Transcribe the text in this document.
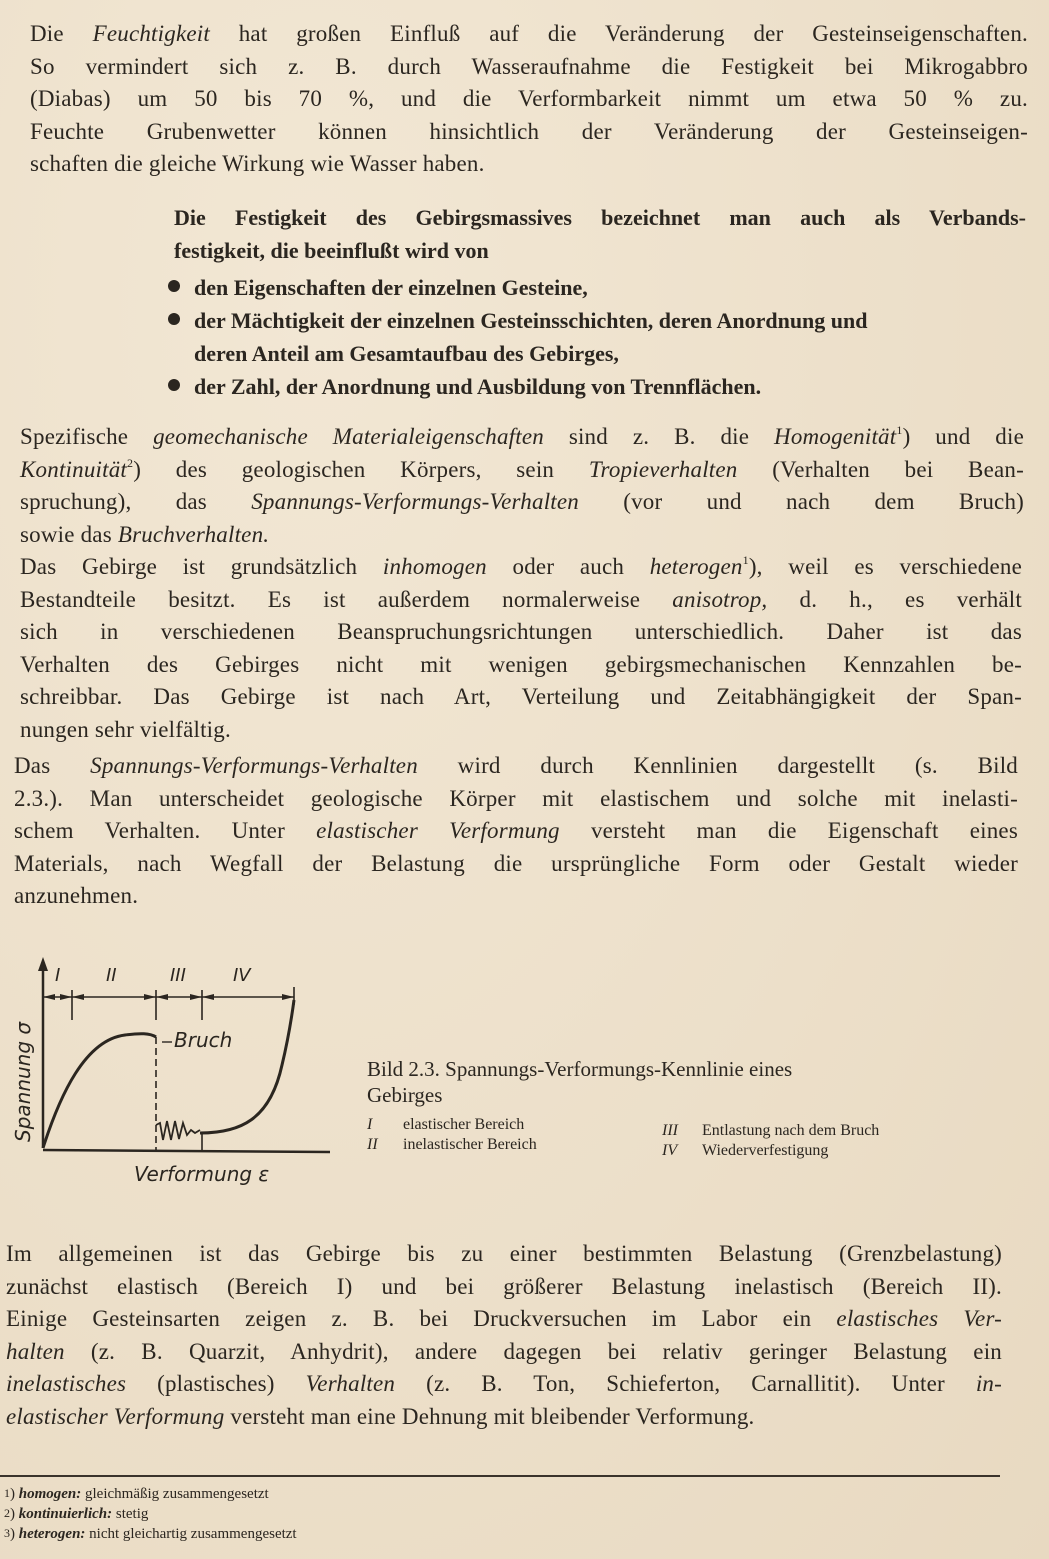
Die Feuchtigkeit hat großen Einfluß auf die Veränderung der Gesteinseigenschaften.
So vermindert sich z. B. durch Wasseraufnahme die Festigkeit bei Mikrogabbro
(Diabas) um 50 bis 70 %, und die Verformbarkeit nimmt um etwa 50 % zu.
Feuchte Grubenwetter können hinsichtlich der Veränderung der Gesteinseigen-
schaften die gleiche Wirkung wie Wasser haben.
Die Festigkeit des Gebirgsmassives bezeichnet man auch als Verbands-
festigkeit, die beeinflußt wird von
den Eigenschaften der einzelnen Gesteine,
der Mächtigkeit der einzelnen Gesteinsschichten, deren Anordnung und
deren Anteil am Gesamtaufbau des Gebirges,
der Zahl, der Anordnung und Ausbildung von Trennflächen.
Spezifische geomechanische Materialeigenschaften sind z. B. die Homogenität$^1$) und die
Kontinuität$^2$) des geologischen Körpers, sein Tropieverhalten (Verhalten bei Bean-
spruchung), das Spannungs-Verformungs-Verhalten (vor und nach dem Bruch)
sowie das Bruchverhalten.
Das Gebirge ist grundsätzlich inhomogen oder auch heterogen$^1$), weil es verschiedene
Bestandteile besitzt. Es ist außerdem normalerweise anisotrop, d. h., es verhält
sich in verschiedenen Beanspruchungsrichtungen unterschiedlich. Daher ist das
Verhalten des Gebirges nicht mit wenigen gebirgsmechanischen Kennzahlen be-
schreibbar. Das Gebirge ist nach Art, Verteilung und Zeitabhängigkeit der Span-
nungen sehr vielfältig.
Das Spannungs-Verformungs-Verhalten wird durch Kennlinien dargestellt (s. Bild
2.3.). Man unterscheidet geologische Körper mit elastischem und solche mit inelasti-
schem Verhalten. Unter elastischer Verformung versteht man die Eigenschaft eines
Materials, nach Wegfall der Belastung die ursprüngliche Form oder Gestalt wieder
anzunehmen.
I	II	III	IV
Bruch
Verformung ε
Spannung σ	Bild 2.3. Spannungs-Verformungs-Kennlinie eines
Gebirges
I elastischer Bereich
II inelastischer Bereich
III Entlastung nach dem Bruch
IV Wiederverfestigung
Im allgemeinen ist das Gebirge bis zu einer bestimmten Belastung (Grenzbelastung)
zunächst elastisch (Bereich I) und bei größerer Belastung inelastisch (Bereich II).
Einige Gesteinsarten zeigen z. B. bei Druckversuchen im Labor ein elastisches Ver-
halten (z. B. Quarzit, Anhydrit), andere dagegen bei relativ geringer Belastung ein
inelastisches (plastisches) Verhalten (z. B. Ton, Schieferton, Carnallitit). Unter in-
elastischer Verformung versteht man eine Dehnung mit bleibender Verformung.
$^1$) homogen: gleichmäßig zusammengesetzt
$^2$) kontinuierlich: stetig
$^3$) heterogen: nicht gleichartig zusammengesetzt
